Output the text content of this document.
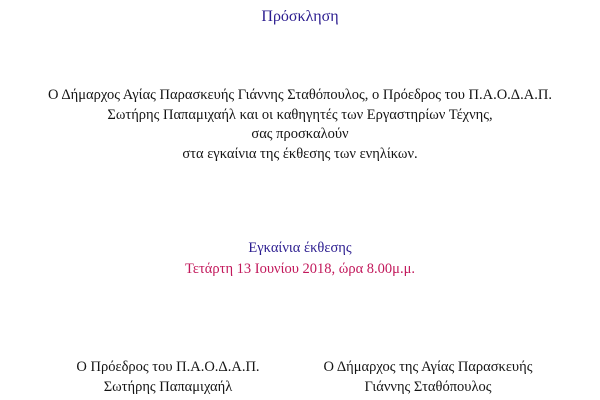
Πρόσκληση
Ο Δήμαρχος Αγίας Παρασκευής Γιάννης Σταθόπουλος, ο Πρόεδρος του Π.Α.Ο.Δ.Α.Π.
Σωτήρης Παπαμιχαήλ και οι καθηγητές των Εργαστηρίων Τέχνης,
σας προσκαλούν
στα εγκαίνια της έκθεσης των ενηλίκων.
Εγκαίνια έκθεσης
Τετάρτη 13 Ιουνίου 2018, ώρα 8.00μ.μ.
Ο Πρόεδρος του Π.Α.Ο.Δ.Α.Π.
Σωτήρης Παπαμιχαήλ
Ο Δήμαρχος της Αγίας Παρασκευής
Γιάννης Σταθόπουλος
